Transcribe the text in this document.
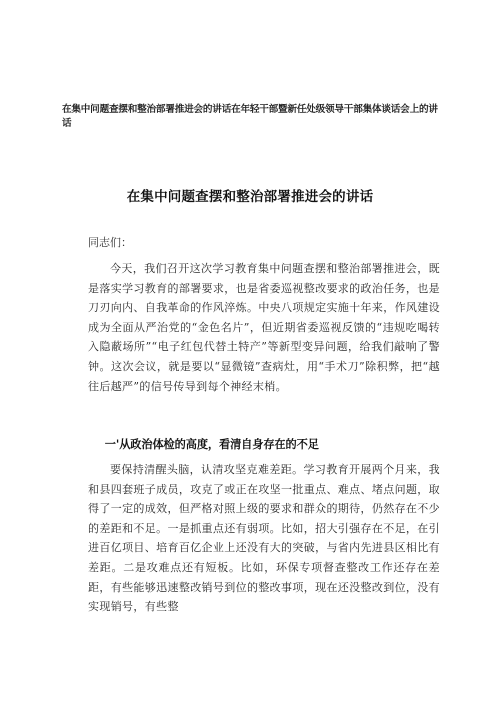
在集中问题查摆和整治部署推进会的讲话在年轻干部暨新任处级领导干部集体谈话会上的讲话
在集中问题查摆和整治部署推进会的讲话
同志们：
今天，我们召开这次学习教育集中问题查摆和整治部署推进会，既是落实学习教育的部署要求，也是省委巡视整改要求的政治任务，也是刀刃向内、自我革命的作风淬炼。中央八项规定实施十年来，作风建设成为全面从严治党的“金色名片”，但近期省委巡视反馈的“违规吃喝转入隐蔽场所”“电子红包代替土特产”等新型变异问题，给我们敲响了警钟。这次会议，就是要以“显微镜”查病灶，用“手术刀”除积弊，把“越往后越严”的信号传导到每个神经末梢。
一'从政治体检的高度，看清自身存在的不足
要保持清醒头脑，认清攻坚克难差距。学习教育开展两个月来，我和县四套班子成员，攻克了或正在攻坚一批重点、难点、堵点问题，取得了一定的成效，但严格对照上级的要求和群众的期待，仍然存在不少的差距和不足。一是抓重点还有弱项。比如，招大引强存在不足，在引进百亿项目、培育百亿企业上还没有大的突破，与省内先进县区相比有差距。二是攻难点还有短板。比如，环保专项督查整改工作还存在差距，有些能够迅速整改销号到位的整改事项，现在还没整改到位，没有实现销号，有些整
